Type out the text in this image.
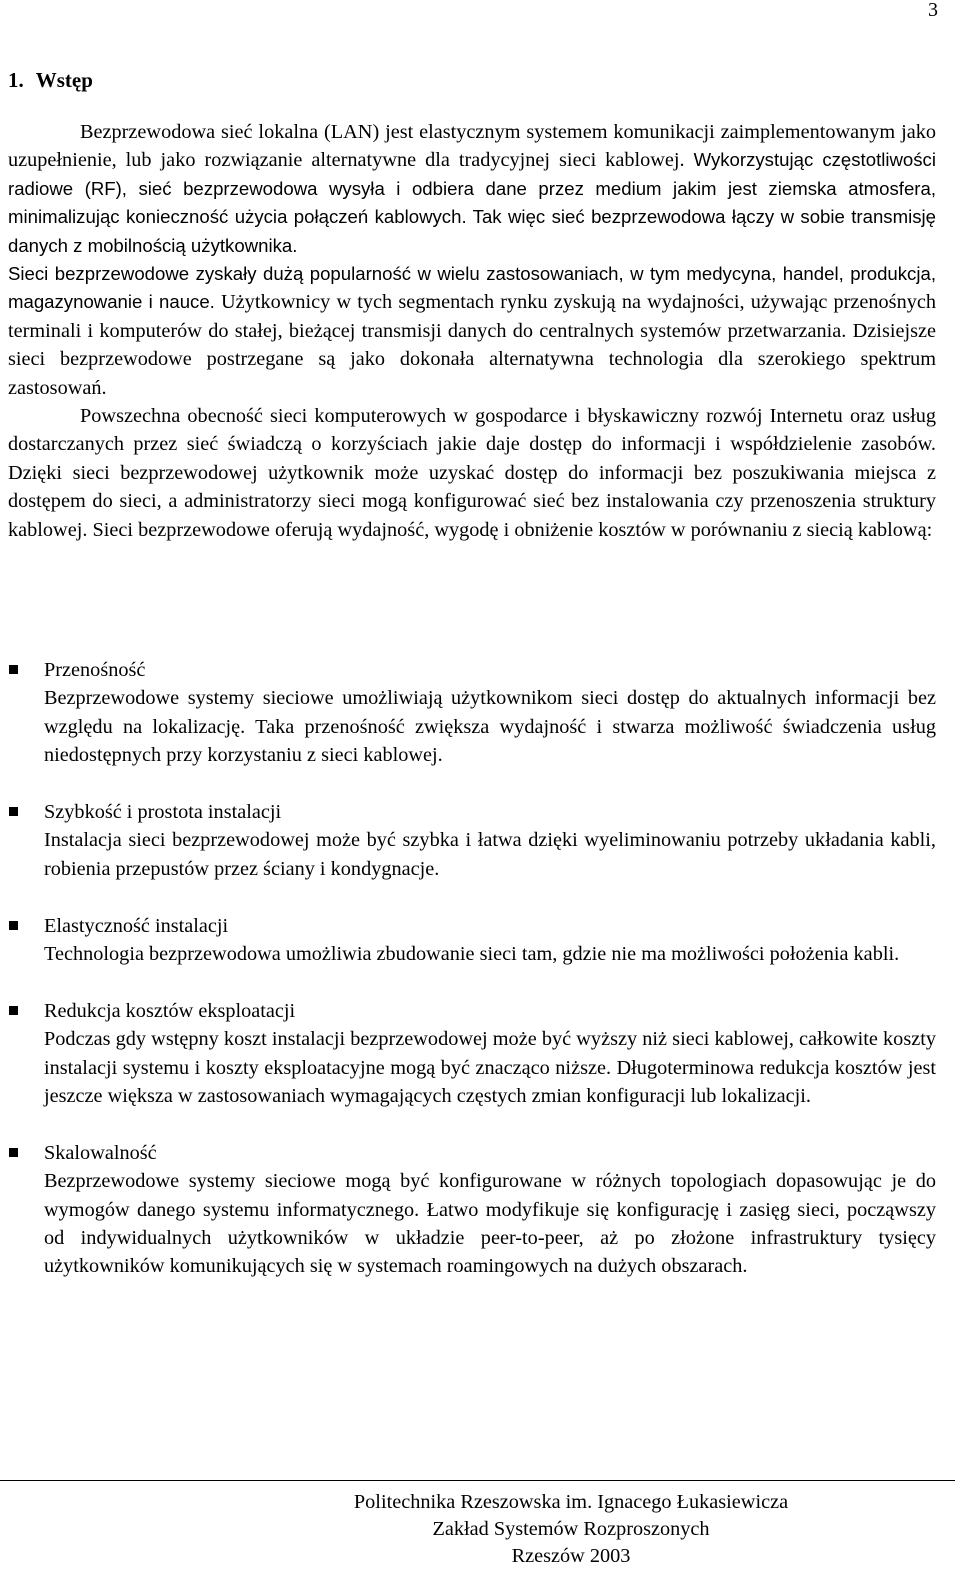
3
1. Wstęp

Bezprzewodowa sieć lokalna (LAN) jest elastycznym systemem komunikacji zaimplementowanym jako uzupełnienie, lub jako rozwiązanie alternatywne dla tradycyjnej sieci kablowej. Wykorzystując częstotliwości radiowe (RF), sieć bezprzewodowa wysyła i odbiera dane przez medium jakim jest ziemska atmosfera, minimalizując konieczność użycia połączeń kablowych. Tak więc sieć bezprzewodowa łączy w sobie transmisję danych z mobilnością użytkownika.

Sieci bezprzewodowe zyskały dużą popularność w wielu zastosowaniach, w tym medycyna, handel, produkcja, magazynowanie i nauce. Użytkownicy w tych segmentach rynku zyskują na wydajności, używając przenośnych terminali i komputerów do stałej, bieżącej transmisji danych do centralnych systemów przetwarzania. Dzisiejsze sieci bezprzewodowe postrzegane są jako dokonała alternatywna technologia dla szerokiego spektrum zastosowań.

Powszechna obecność sieci komputerowych w gospodarce i błyskawiczny rozwój Internetu oraz usług dostarczanych przez sieć świadczą o korzyściach jakie daje dostęp do informacji i współdzielenie zasobów. Dzięki sieci bezprzewodowej użytkownik może uzyskać dostęp do informacji bez poszukiwania miejsca z dostępem do sieci, a administratorzy sieci mogą konfigurować sieć bez instalowania czy przenoszenia struktury kablowej. Sieci bezprzewodowe oferują wydajność, wygodę i obniżenie kosztów w porównaniu z siecią kablową:

Przenośność
Bezprzewodowe systemy sieciowe umożliwiają użytkownikom sieci dostęp do aktualnych informacji bez względu na lokalizację. Taka przenośność zwiększa wydajność i stwarza możliwość świadczenia usług niedostępnych przy korzystaniu z sieci kablowej.
Szybkość i prostota instalacji
Instalacja sieci bezprzewodowej może być szybka i łatwa dzięki wyeliminowaniu potrzeby układania kabli, robienia przepustów przez ściany i kondygnacje.
Elastyczność instalacji
Technologia bezprzewodowa umożliwia zbudowanie sieci tam, gdzie nie ma możliwości położenia kabli.
Redukcja kosztów eksploatacji
Podczas gdy wstępny koszt instalacji bezprzewodowej może być wyższy niż sieci kablowej, całkowite koszty instalacji systemu i koszty eksploatacyjne mogą być znacząco niższe. Długoterminowa redukcja kosztów jest jeszcze większa w zastosowaniach wymagających częstych zmian konfiguracji lub lokalizacji.
Skalowalność
Bezprzewodowe systemy sieciowe mogą być konfigurowane w różnych topologiach dopasowując je do wymogów danego systemu informatycznego. Łatwo modyfikuje się konfigurację i zasięg sieci, począwszy od indywidualnych użytkowników w układzie peer-to-peer, aż po złożone infrastruktury tysięcy użytkowników komunikujących się w systemach roamingowych na dużych obszarach.
Politechnika Rzeszowska im. Ignacego Łukasiewicza
Zakład Systemów Rozproszonych
Rzeszów 2003
